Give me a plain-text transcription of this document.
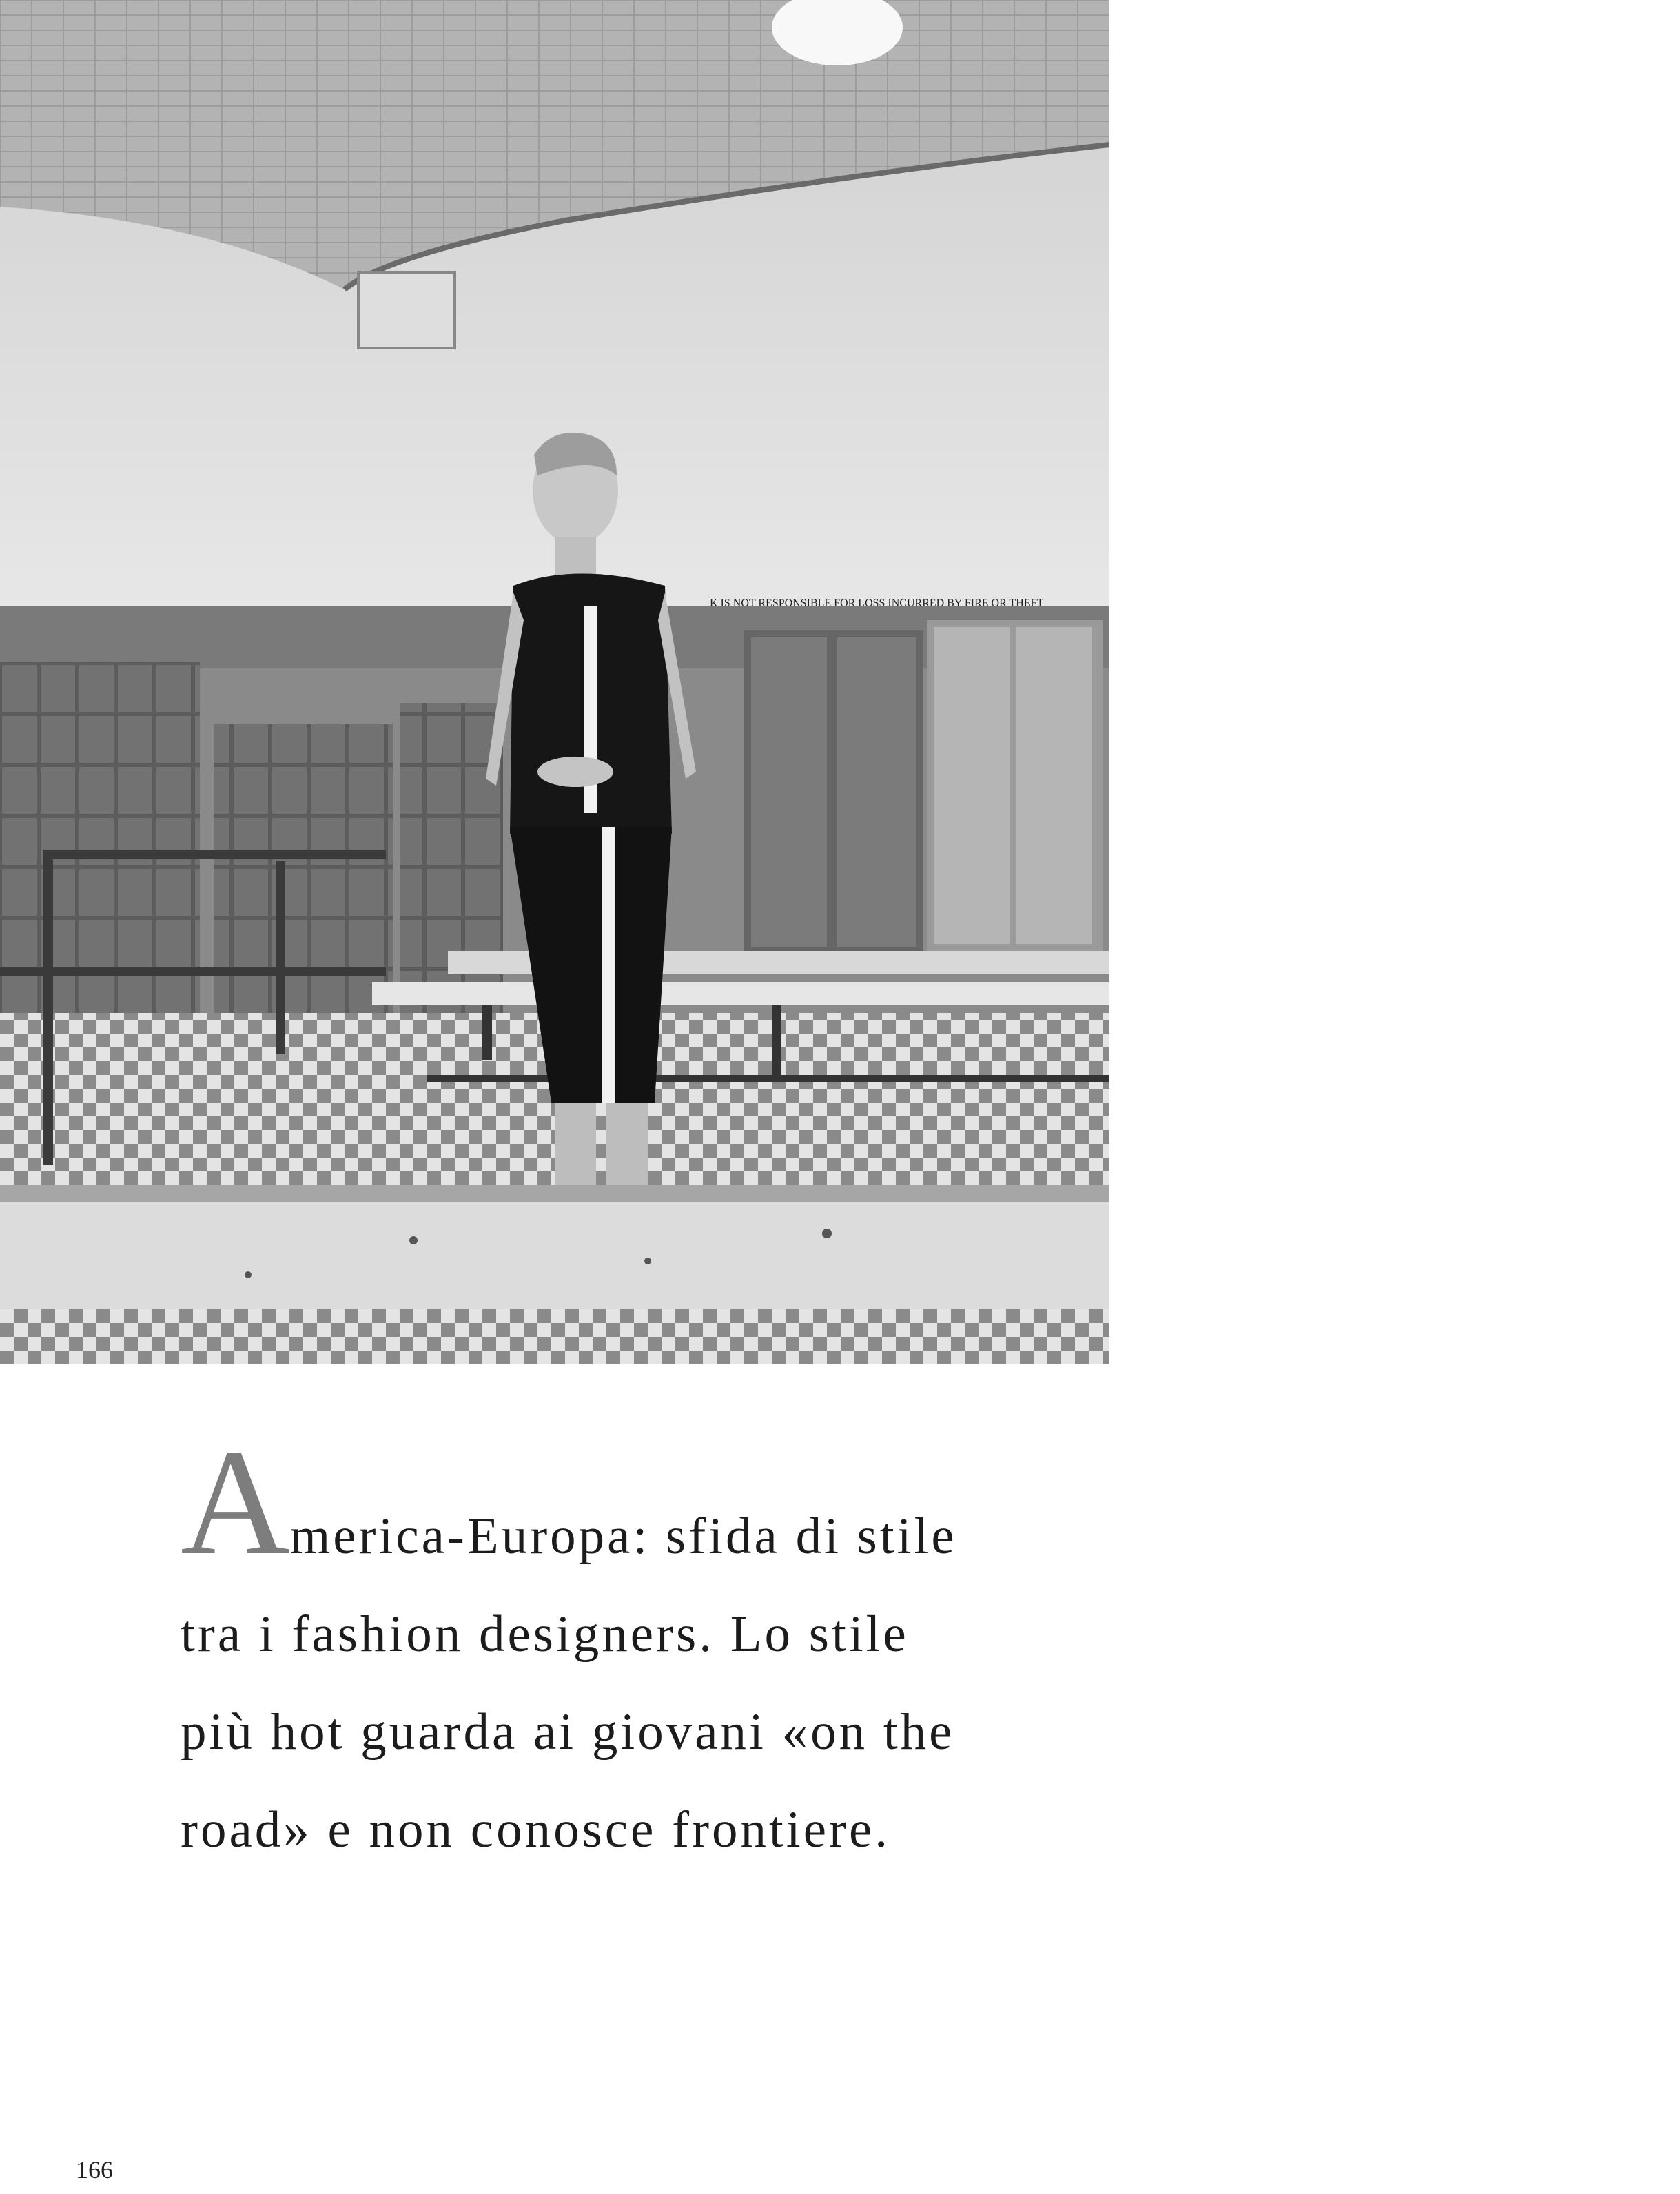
K IS NOT RESPONSIBLE FOR LOSS INCURRED BY FIRE OR THEFT

America-Europa: sfida di stile
tra i fashion designers. Lo stile
più hot guarda ai giovani «on the
road» e non conosce frontiere.

166
